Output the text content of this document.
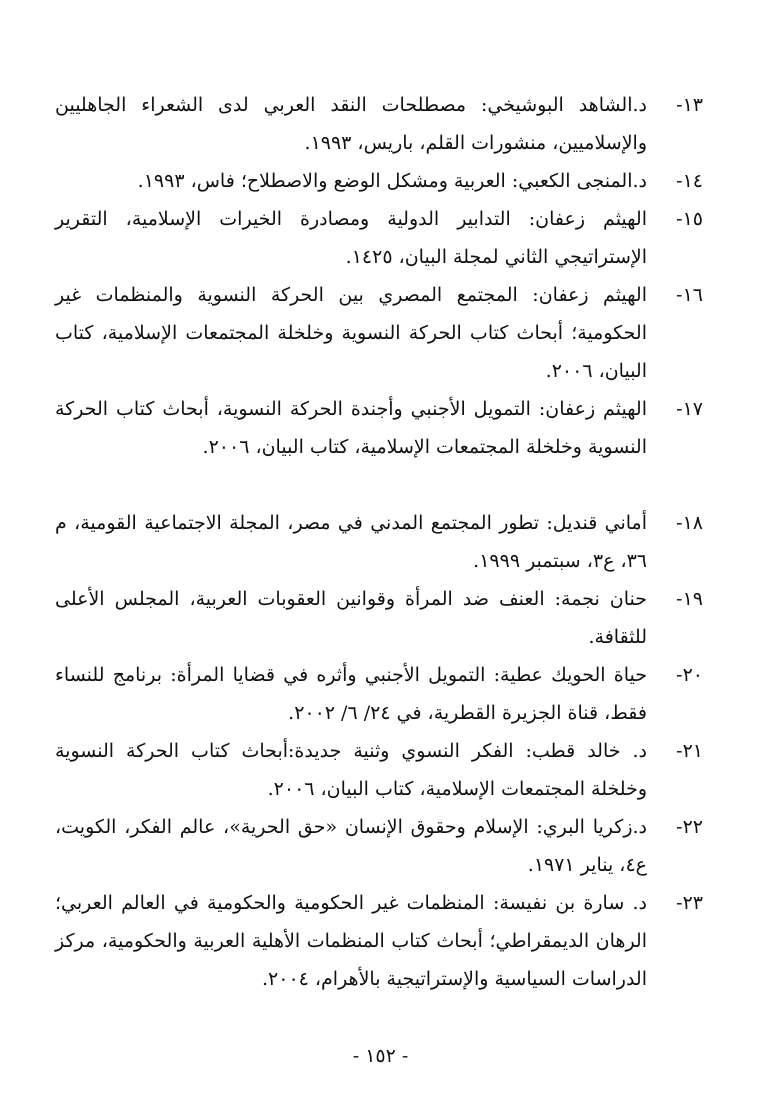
١٣-
د.الشاهد البوشيخي: مصطلحات النقد العربي لدى الشعراء الجاهليين والإسلاميين، منشورات القلم، باريس، ١٩٩٣.
١٤-
د.المنجى الكعبي: العربية ومشكل الوضع والاصطلاح؛ فاس، ١٩٩٣.
١٥-
الهيثم زعفان: التدابير الدولية ومصادرة الخيرات الإسلامية، التقرير الإستراتيجي الثاني لمجلة البيان، ١٤٢٥.
١٦-
الهيثم زعفان: المجتمع المصري بين الحركة النسوية والمنظمات غير الحكومية؛ أبحاث كتاب الحركة النسوية وخلخلة المجتمعات الإسلامية، كتاب البيان، ٢٠٠٦.
١٧-
الهيثم زعفان: التمويل الأجنبي وأجندة الحركة النسوية، أبحاث كتاب الحركة النسوية وخلخلة المجتمعات الإسلامية، كتاب البيان، ٢٠٠٦.
١٨-
أماني قنديل: تطور المجتمع المدني في مصر، المجلة الاجتماعية القومية، م ٣٦، ع٣، سبتمبر ١٩٩٩.
١٩-
حنان نجمة: العنف ضد المرأة وقوانين العقوبات العربية، المجلس الأعلى للثقافة.
٢٠-
حياة الحويك عطية: التمويل الأجنبي وأثره في قضايا المرأة: برنامج للنساء فقط، قناة الجزيرة القطرية، في ٢٤/ ٦/ ٢٠٠٢.
٢١-
د. خالد قطب: الفكر النسوي وثنية جديدة:أبحاث كتاب الحركة النسوية وخلخلة المجتمعات الإسلامية، كتاب البيان، ٢٠٠٦.
٢٢-
د.زكريا البري: الإسلام وحقوق الإنسان «حق الحرية»، عالم الفكر، الكويت، ع٤، يناير ١٩٧١.
٢٣-
د. سارة بن نفيسة: المنظمات غير الحكومية والحكومية في العالم العربي؛ الرهان الديمقراطي؛ أبحاث كتاب المنظمات الأهلية العربية والحكومية، مركز الدراسات السياسية والإستراتيجية بالأهرام، ٢٠٠٤.
- ١٥٢ -
